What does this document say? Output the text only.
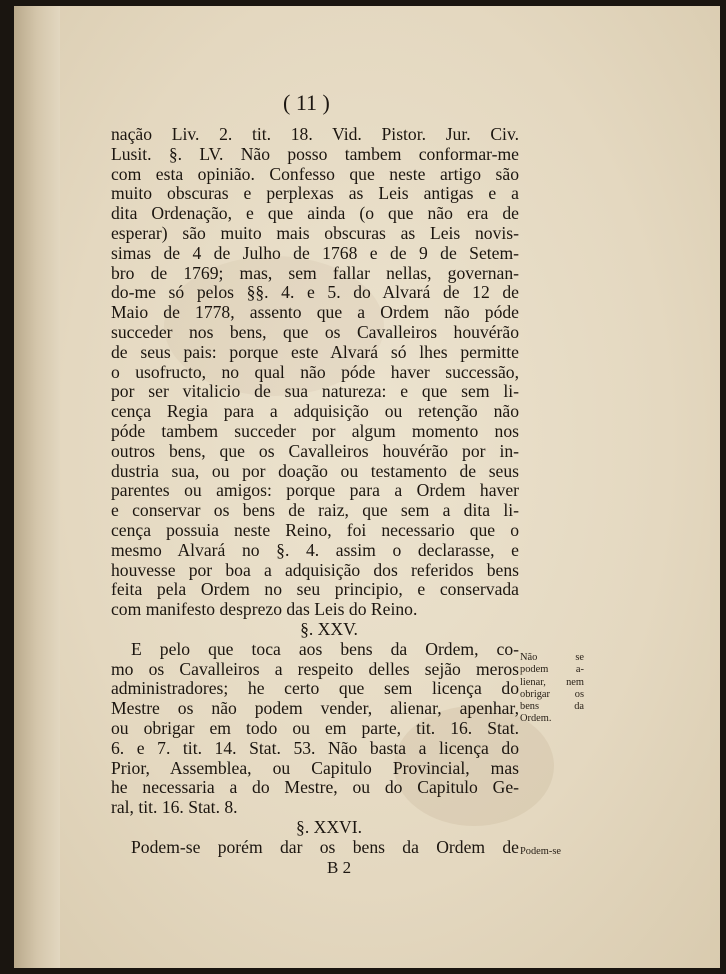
( 11 )
nação Liv. 2. tit. 18. Vid. Pistor. Jur. Civ.
Lusit. §. LV. Não posso tambem conformar-me
com esta opinião. Confesso que neste artigo são
muito obscuras e perplexas as Leis antigas e a
dita Ordenação, e que ainda (o que não era de
esperar) são muito mais obscuras as Leis novis-
simas de 4 de Julho de 1768 e de 9 de Setem-
bro de 1769; mas, sem fallar nellas, governan-
do-me só pelos §§. 4. e 5. do Alvará de 12 de
Maio de 1778, assento que a Ordem não póde
succeder nos bens, que os Cavalleiros houvérão
de seus pais: porque este Alvará só lhes permitte
o usofructo, no qual não póde haver successão,
por ser vitalicio de sua natureza: e que sem li-
cença Regia para a adquisição ou retenção não
póde tambem succeder por algum momento nos
outros bens, que os Cavalleiros houvérão por in-
dustria sua, ou por doação ou testamento de seus
parentes ou amigos: porque para a Ordem haver
e conservar os bens de raiz, que sem a dita li-
cença possuia neste Reino, foi necessario que o
mesmo Alvará no §. 4. assim o declarasse, e
houvesse por boa a adquisição dos referidos bens
feita pela Ordem no seu principio, e conservada
com manifesto desprezo das Leis do Reino.
§. XXV.
E pelo que toca aos bens da Ordem, co-
mo os Cavalleiros a respeito delles sejão meros
administradores; he certo que sem licença do
Mestre os não podem vender, alienar, apenhar,
ou obrigar em todo ou em parte, tit. 16. Stat.
6. e 7. tit. 14. Stat. 53. Não basta a licença do
Prior, Assemblea, ou Capitulo Provincial, mas
he necessaria a do Mestre, ou do Capitulo Ge-
ral, tit. 16. Stat. 8.
§. XXVI.
Podem-se porém dar os bens da Ordem de
Não se
podem a-
lienar, nem
obrigar os
bens da
Ordem.
Podem-se
B 2
